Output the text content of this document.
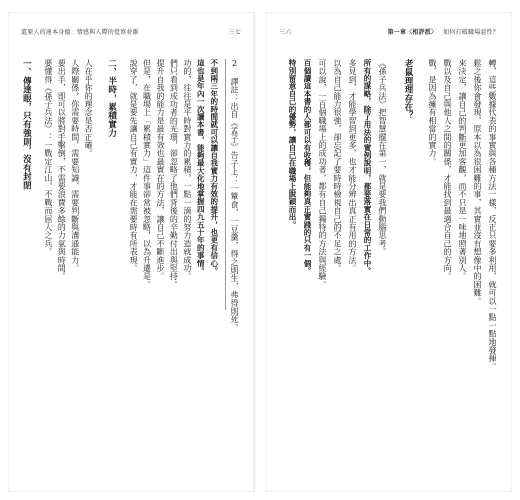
還原人的達本身德：情感與人際的覺察並維	三七
2 譯註：出自《孟子》告子上：一簞食，一豆羹，得之則生，弗得則死。
不到兩三年的時間就可以讓自我實力有效的提升，也更有信心。
這也是年內一次讀本書，能夠最大化地掌握四九五十年的事情。
功的，往往是平時對實力的累積，一點一滴的努力造就成功。
們只看到成功者的光環，卻忽略了他們背後的辛勤付出與堅持。
提升自我的能力是最有效也最實在的方法，讓自己不斷進步。
但是，在職場上「累積實力」這件事卻常被忽略，以為升遷是。
說穿了，就是要先讓自己有實力，才能在需要時有所表現。
二、半時，累積實力
人在乎你的理念是否正確。
人際關係，你需要時間，需要知識、需要判斷與溝通能力。
要出手，即可以將對手擊倒，不需要浪費多餘的力氣與時間。
要懂得《孫子兵法》：一戰定江山，不戰而屈人之兵。
一、傳達眼，只有強則，沒有封閉
三六	第一章〈相評派〉 如何打破職場惡性？
轉，這些數據代表的事實與各種方法一樣，反正只要多利用，就可以一點一點地發揮。
鬆之後你會發現，原本以為很困難的事，其實並沒有想像中的困難。
來決定，讓自己的判斷更加客觀，而不只是一味地照著別人。
戰以及自己與他人之間的關係，才能找到最適合自己的方向。
戰，是因為擁有相當的實力。
老鼠理理存在？
《孫子兵法》把智慧擺在第一，就是要我們動腦思考。
所有的謀略，除了用法的實例說明，都要落實在日常的工作中。
多見到，才能學習到更多，也才能分辨出真正有用的方法。
以為自己能力很強，卻忘記了要時時檢視自己的不足之處。
可以說，一百個職場上的成功者，都有自己獨特的方法與經驗。
百個讀這本書的人都可以有收穫，但能夠真正實踐的只有一個。
特別留意自己的優勢，讓自己在職場上脫穎而出。
